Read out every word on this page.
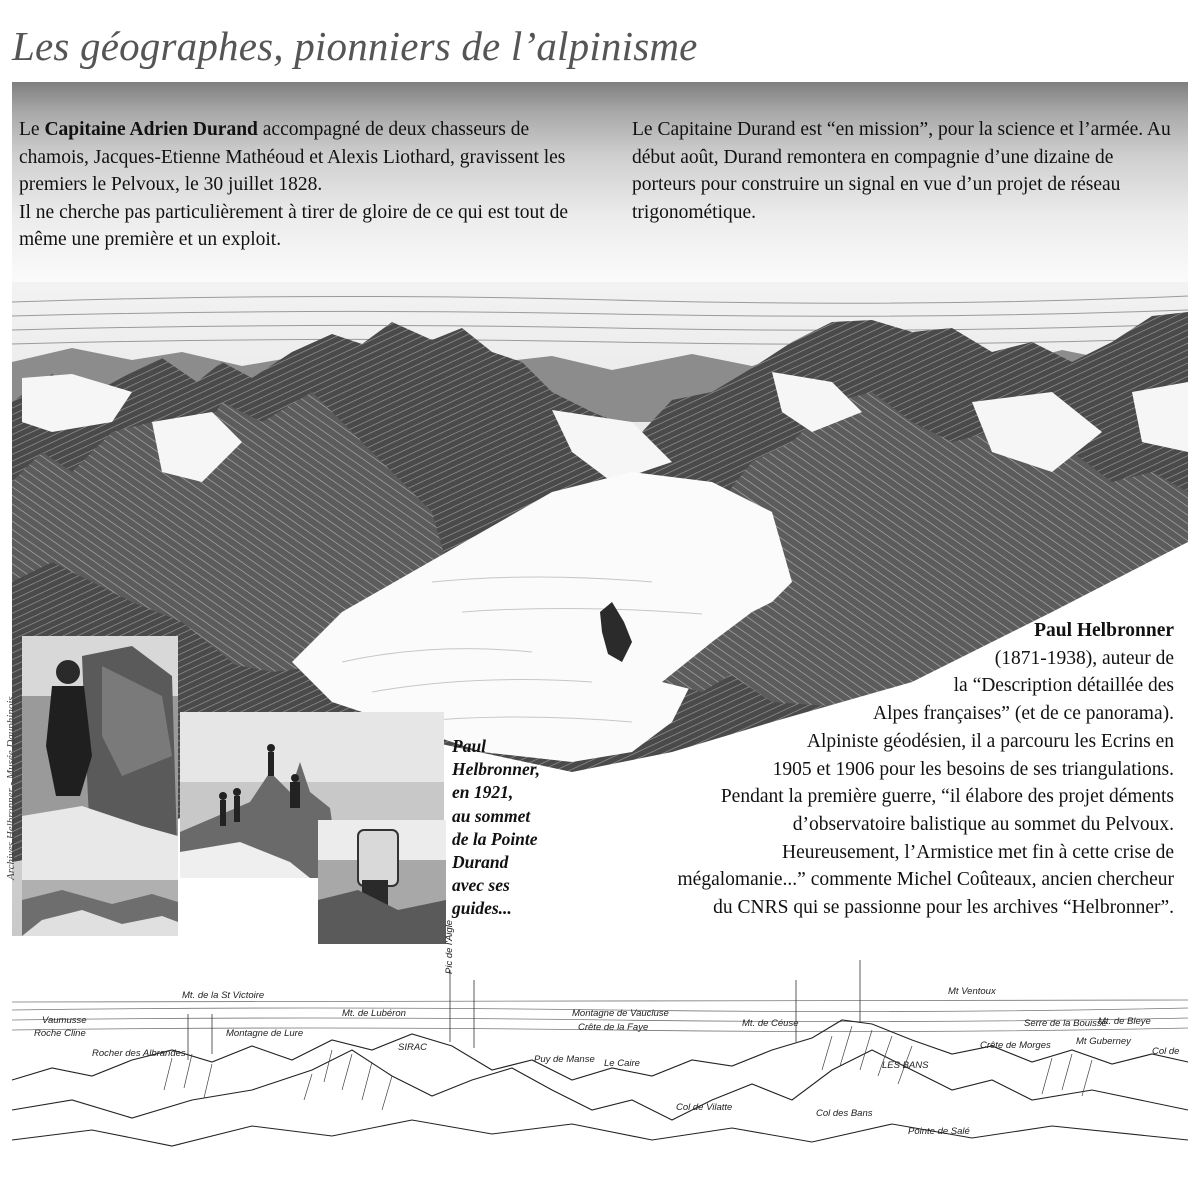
Les géographes, pionniers de l’alpinisme

Le Capitaine Adrien Durand accompagné de deux chasseurs de chamois, Jacques-Etienne Mathéoud et Alexis Liothard, gravissent les premiers le Pelvoux, le 30 juillet 1828.

Il ne cherche pas particulièrement à tirer de gloire de ce qui est tout de même une première et un exploit.

Le Capitaine Durand est “en mission”, pour la science et l’armée. Au début août, Durand remontera en compagnie d’une dizaine de porteurs pour construire un signal en vue d’un projet de réseau trigonométique.

Paul
Helbronner,
en 1921,
au sommet
de la Pointe
Durand
avec ses
guides...
Archives Helbronner - Musée Dauphinois
Paul Helbronner
(1871-1938), auteur de
la “Description détaillée des
Alpes françaises” (et de ce panorama).
Alpiniste géodésien, il a parcouru les Ecrins en
1905 et 1906 pour les besoins de ses triangulations.
Pendant la première guerre, “il élabore des projet déments
d’observatoire balistique au sommet du Pelvoux.
Heureusement, l’Armistice met fin à cette crise de
mégalomanie...” commente Michel Coûteaux, ancien chercheur
du CNRS qui se passionne pour les archives “Helbronner”.
Vaumusse
Roche Cline
Rocher des Albrandes
Mt. de la St Victoire
Montagne de Lure
Mt. de Lubéron
SIRAC
Pic de l'Aigle
Montagne de Vaucluse
Crête de la Faye
Puy de Manse Le Caire
Mt. de Céuse
Col de Vilatte
Col des Bans
LES BANS
Pointe de Salé
Mt Ventoux
Serre de la Bouisse
Mt. de Bleye
Crête de Morges	Mt Guberney
Col de
